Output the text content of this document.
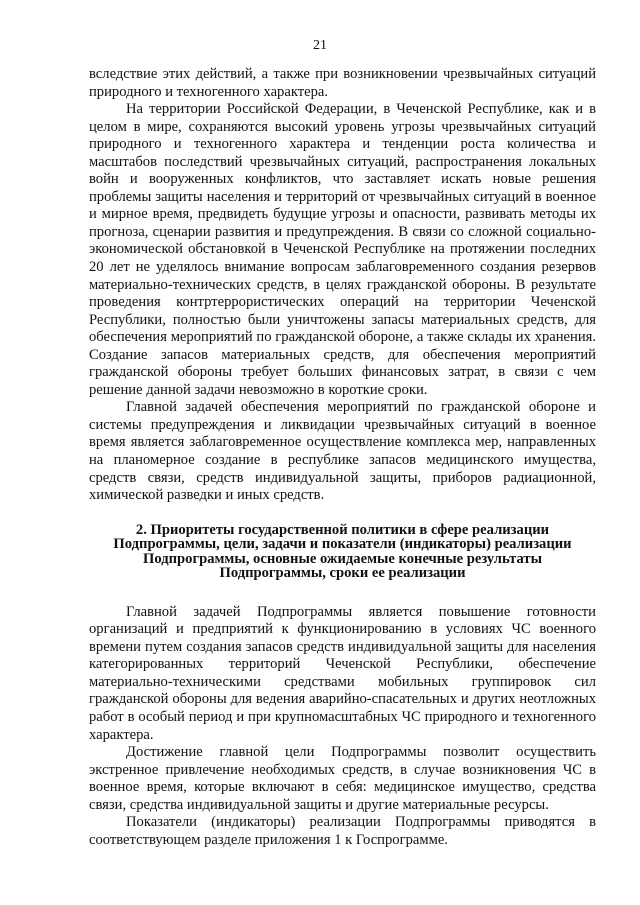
21

вследствие этих действий, а также при возникновении чрезвычайных ситуаций природного и техногенного характера.

На территории Российской Федерации, в Чеченской Республике, как и в целом в мире, сохраняются высокий уровень угрозы чрезвычайных ситуаций природного и техногенного характера и тенденции роста количества и масштабов последствий чрезвычайных ситуаций, распространения локальных войн и вооруженных конфликтов, что заставляет искать новые решения проблемы защиты населения и территорий от чрезвычайных ситуаций в военное и мирное время, предвидеть будущие угрозы и опасности, развивать методы их прогноза, сценарии развития и предупреждения. В связи со сложной социально-экономической обстановкой в Чеченской Республике на протяжении последних 20 лет не уделялось внимание вопросам заблаговременного создания резервов материально-технических средств, в целях гражданской обороны. В результате проведения контртеррористических операций на территории Чеченской Республики, полностью были уничтожены запасы материальных средств, для обеспечения мероприятий по гражданской обороне, а также склады их хранения. Создание запасов материальных средств, для обеспечения мероприятий гражданской обороны требует больших финансовых затрат, в связи с чем решение данной задачи невозможно в короткие сроки.

Главной задачей обеспечения мероприятий по гражданской обороне и системы предупреждения и ликвидации чрезвычайных ситуаций в военное время является заблаговременное осуществление комплекса мер, направленных на планомерное создание в республике запасов медицинского имущества, средств связи, средств индивидуальной защиты, приборов радиационной, химической разведки и иных средств.

2. Приоритеты государственной политики в сфере реализации
Подпрограммы, цели, задачи и показатели (индикаторы) реализации
Подпрограммы, основные ожидаемые конечные результаты
Подпрограммы, сроки ее реализации

Главной задачей Подпрограммы является повышение готовности организаций и предприятий к функционированию в условиях ЧС военного времени путем создания запасов средств индивидуальной защиты для населения категорированных территорий Чеченской Республики, обеспечение материально-техническими средствами мобильных группировок сил гражданской обороны для ведения аварийно-спасательных и других неотложных работ в особый период и при крупномасштабных ЧС природного и техногенного характера.

Достижение главной цели Подпрограммы позволит осуществить экстренное привлечение необходимых средств, в случае возникновения ЧС в военное время, которые включают в себя: медицинское имущество, средства связи, средства индивидуальной защиты и другие материальные ресурсы.

Показатели (индикаторы) реализации Подпрограммы приводятся в соответствующем разделе приложения 1 к Госпрограмме.
